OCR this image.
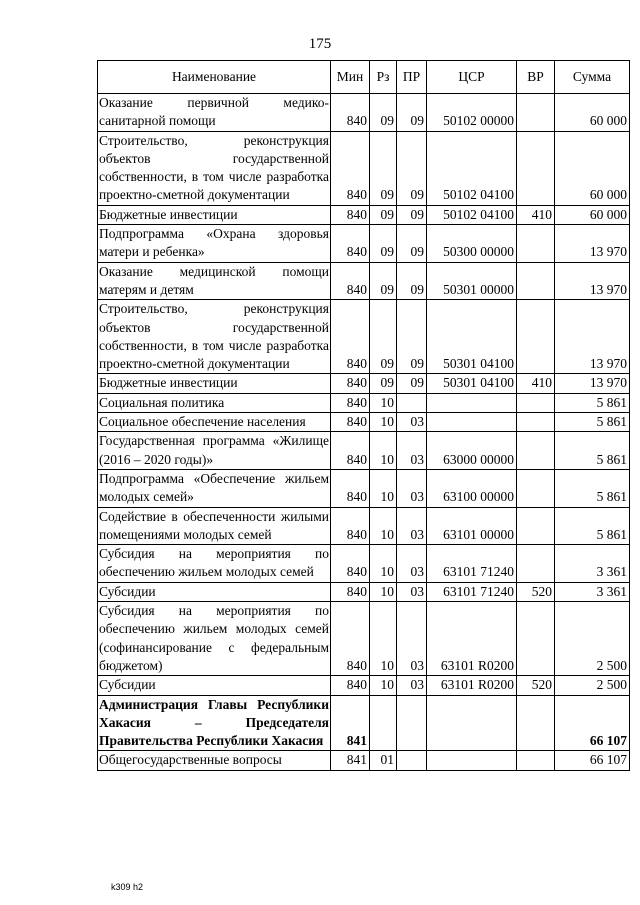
175
Наименование	Мин	Рз	ПР	ЦСР	ВР	Сумма
Оказание первичной медико-санитарной помощи	840	09	09	50102 00000		60 000
Строительство, реконструкция объектов государственной собственности, в том числе разработка проектно-сметной документации	840	09	09	50102 04100		60 000
Бюджетные инвестиции	840	09	09	50102 04100	410	60 000
Подпрограмма «Охрана здоровья матери и ребенка»	840	09	09	50300 00000		13 970
Оказание медицинской помощи матерям и детям	840	09	09	50301 00000		13 970
Строительство, реконструкция объектов государственной собственности, в том числе разработка проектно-сметной документации	840	09	09	50301 04100		13 970
Бюджетные инвестиции	840	09	09	50301 04100	410	13 970
Социальная политика	840	10				5 861
Социальное обеспечение населения	840	10	03			5 861
Государственная программа «Жилище (2016 – 2020 годы)»	840	10	03	63000 00000		5 861
Подпрограмма «Обеспечение жильем молодых семей»	840	10	03	63100 00000		5 861
Содействие в обеспеченности жилыми помещениями молодых семей	840	10	03	63101 00000		5 861
Субсидия на мероприятия по обеспечению жильем молодых семей	840	10	03	63101 71240		3 361
Субсидии	840	10	03	63101 71240	520	3 361
Субсидия на мероприятия по обеспечению жильем молодых семей (софинансирование с федеральным бюджетом)	840	10	03	63101 R0200		2 500
Субсидии	840	10	03	63101 R0200	520	2 500
Администрация Главы Республики Хакасия – Председателя Правительства Республики Хакасия	841					66 107
Общегосударственные вопросы	841	01				66 107
k309 h2
